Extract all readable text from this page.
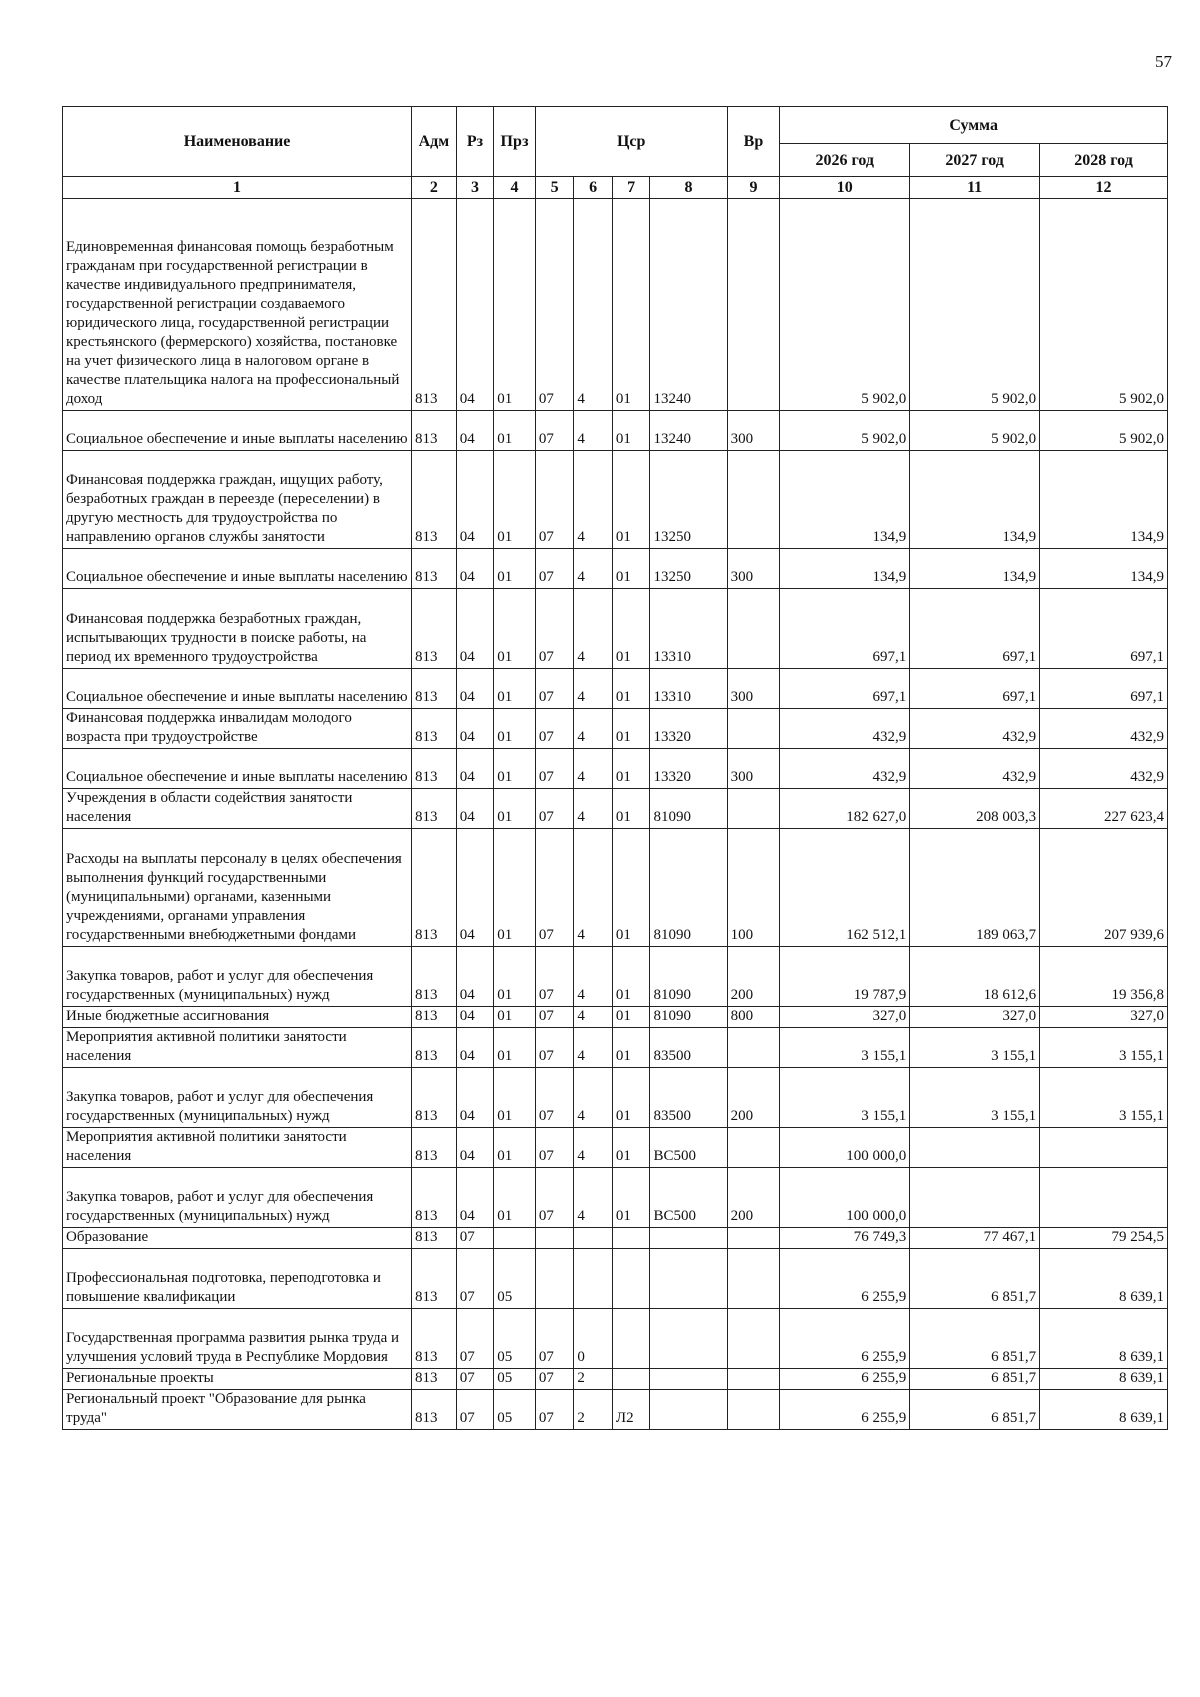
57
Наименование	Адм	Рз	Прз	Цср				Вр	Сумма		
									2026 год	2027 год	2028 год
1	2	3	4	5	6	7	8	9	10	11	12
Единовременная финансовая помощь безработным гражданам при государственной регистрации в качестве индивидуального предпринимателя, государственной регистрации создаваемого юридического лица, государственной регистрации крестьянского (фермерского) хозяйства, постановке на учет физического лица в налоговом органе в качестве плательщика налога на профессиональный доход	813	04	01	07	4	01	13240		5 902,0	5 902,0	5 902,0
Социальное обеспечение и иные выплаты населению	813	04	01	07	4	01	13240	300	5 902,0	5 902,0	5 902,0
Финансовая поддержка граждан, ищущих работу, безработных граждан в переезде (переселении) в другую местность для трудоустройства по направлению органов службы занятости	813	04	01	07	4	01	13250		134,9	134,9	134,9
Социальное обеспечение и иные выплаты населению	813	04	01	07	4	01	13250	300	134,9	134,9	134,9
Финансовая поддержка безработных граждан, испытывающих трудности в поиске работы, на период их временного трудоустройства	813	04	01	07	4	01	13310		697,1	697,1	697,1
Социальное обеспечение и иные выплаты населению	813	04	01	07	4	01	13310	300	697,1	697,1	697,1
Финансовая поддержка инвалидам молодого возраста при трудоустройстве	813	04	01	07	4	01	13320		432,9	432,9	432,9
Социальное обеспечение и иные выплаты населению	813	04	01	07	4	01	13320	300	432,9	432,9	432,9
Учреждения в области содействия занятости населения	813	04	01	07	4	01	81090		182 627,0	208 003,3	227 623,4
Расходы на выплаты персоналу в целях обеспечения выполнения функций государственными (муниципальными) органами, казенными учреждениями, органами управления государственными внебюджетными фондами	813	04	01	07	4	01	81090	100	162 512,1	189 063,7	207 939,6
Закупка товаров, работ и услуг для обеспечения государственных (муниципальных) нужд	813	04	01	07	4	01	81090	200	19 787,9	18 612,6	19 356,8
Иные бюджетные ассигнования	813	04	01	07	4	01	81090	800	327,0	327,0	327,0
Мероприятия активной политики занятости населения	813	04	01	07	4	01	83500		3 155,1	3 155,1	3 155,1
Закупка товаров, работ и услуг для обеспечения государственных (муниципальных) нужд	813	04	01	07	4	01	83500	200	3 155,1	3 155,1	3 155,1
Мероприятия активной политики занятости населения	813	04	01	07	4	01	ВС500		100 000,0		
Закупка товаров, работ и услуг для обеспечения государственных (муниципальных) нужд	813	04	01	07	4	01	ВС500	200	100 000,0		
Образование	813	07							76 749,3	77 467,1	79 254,5
Профессиональная подготовка, переподготовка и повышение квалификации	813	07	05						6 255,9	6 851,7	8 639,1
Государственная программа развития рынка труда и улучшения условий труда в Республике Мордовия	813	07	05	07	0				6 255,9	6 851,7	8 639,1
Региональные проекты	813	07	05	07	2				6 255,9	6 851,7	8 639,1
Региональный проект "Образование для рынка труда"	813	07	05	07	2	Л2			6 255,9	6 851,7	8 639,1
